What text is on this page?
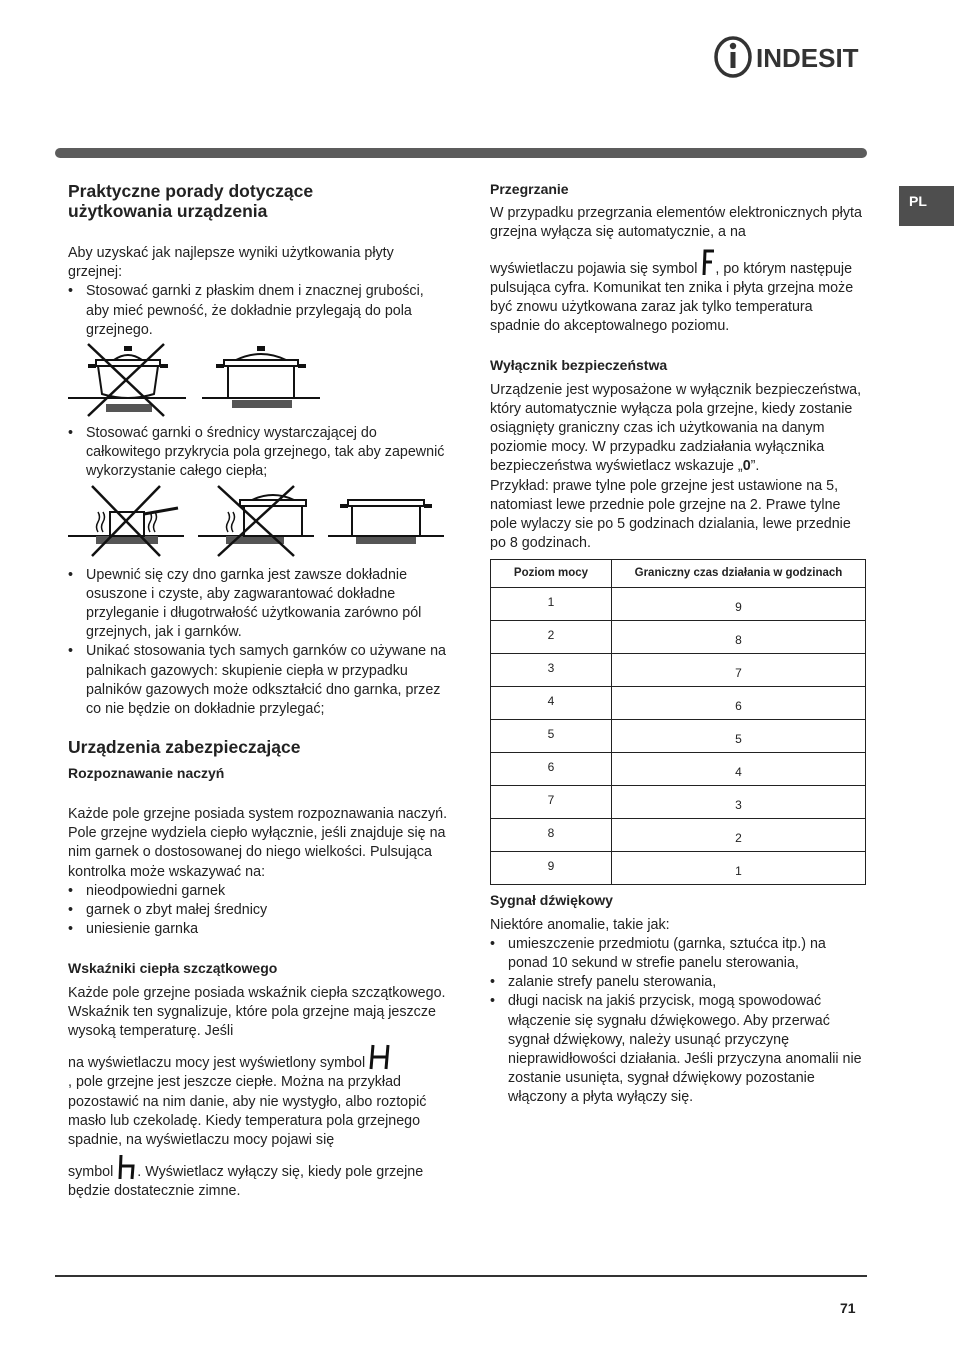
INDESIT
PL
Praktyczne porady dotyczące
użytkowania urządzenia

Aby uzyskać jak najlepsze wyniki użytkowania płyty grzejnej:

• Stosować garnki z płaskim dnem i znacznej grubości, aby mieć pewność, że dokładnie przylegają do pola grzejnego.
• Stosować garnki o średnicy wystarczającej do całkowitego przykrycia pola grzejnego, tak aby zapewnić wykorzystanie całego ciepła;
• Upewnić się czy dno garnka jest zawsze dokładnie osuszone i czyste, aby zagwarantować dokładne przyleganie i długotrwałość użytkowania zarówno pól grzejnych, jak i garnków.
• Unikać stosowania tych samych garnków co używane na palnikach gazowych: skupienie ciepła w przypadku palników gazowych może odkształcić dno garnka, przez co nie będzie on dokładnie przylegać;
Urządzenia zabezpieczające
Rozpoznawanie naczyń

Każde pole grzejne posiada system rozpoznawania naczyń. Pole grzejne wydziela ciepło wyłącznie, jeśli znajduje się na nim garnek o dostosowanej do niego wielkości. Pulsująca kontrolka może wskazywać na:

• nieodpowiedni garnek
• garnek o zbyt małej średnicy
• uniesienie garnka
Wskaźniki ciepła szczątkowego

Każde pole grzejne posiada wskaźnik ciepła szczątkowego. Wskaźnik ten sygnalizuje, które pola grzejne mają jeszcze wysoką temperaturę. Jeśli

na wyświetlaczu mocy jest wyświetlony symbol

, pole grzejne jest jeszcze ciepłe. Można na przykład pozostawić na nim danie, aby nie wystygło, albo roztopić masło lub czekoladę. Kiedy temperatura pola grzejnego spadnie, na wyświetlaczu mocy pojawi się

symbol . Wyświetlacz wyłączy się, kiedy pole grzejne będzie dostatecznie zimne.

Przegrzanie

W przypadku przegrzania elementów elektronicznych płyta grzejna wyłącza się automatycznie, a na

wyświetlaczu pojawia się symbol , po którym następuje pulsująca cyfra. Komunikat ten znika i płyta grzejna może być znowu użytkowana zaraz jak tylko temperatura spadnie do akceptowalnego poziomu.

Wyłącznik bezpieczeństwa

Urządzenie jest wyposażone w wyłącznik bezpieczeństwa, który automatycznie wyłącza pola grzejne, kiedy zostanie osiągnięty graniczny czas ich użytkowania na danym poziomie mocy. W przypadku zadziałania wyłącznika bezpieczeństwa wyświetlacz wskazuje „0”.

Przykład: prawe tylne pole grzejne jest ustawione na 5, natomiast lewe przednie pole grzejne na 2. Prawe tylne pole wylaczy sie po 5 godzinach dzialania, lewe przednie po 8 godzinach.

Poziom mocy	Graniczny czas działania w godzinach
1	9
2	8
3	7
4	6
5	5
6	4
7	3
8	2
9	1
Sygnał dźwiękowy

Niektóre anomalie, takie jak:

• umieszczenie przedmiotu (garnka, sztućca itp.) na ponad 10 sekund w strefie panelu sterowania,
• zalanie strefy panelu sterowania,
• długi nacisk na jakiś przycisk, mogą spowodować włączenie się sygnału dźwiękowego. Aby przerwać sygnał dźwiękowy, należy usunąć przyczynę nieprawidłowości działania. Jeśli przyczyna anomalii nie zostanie usunięta, sygnał dźwiękowy pozostanie włączony a płyta wyłączy się.
71
